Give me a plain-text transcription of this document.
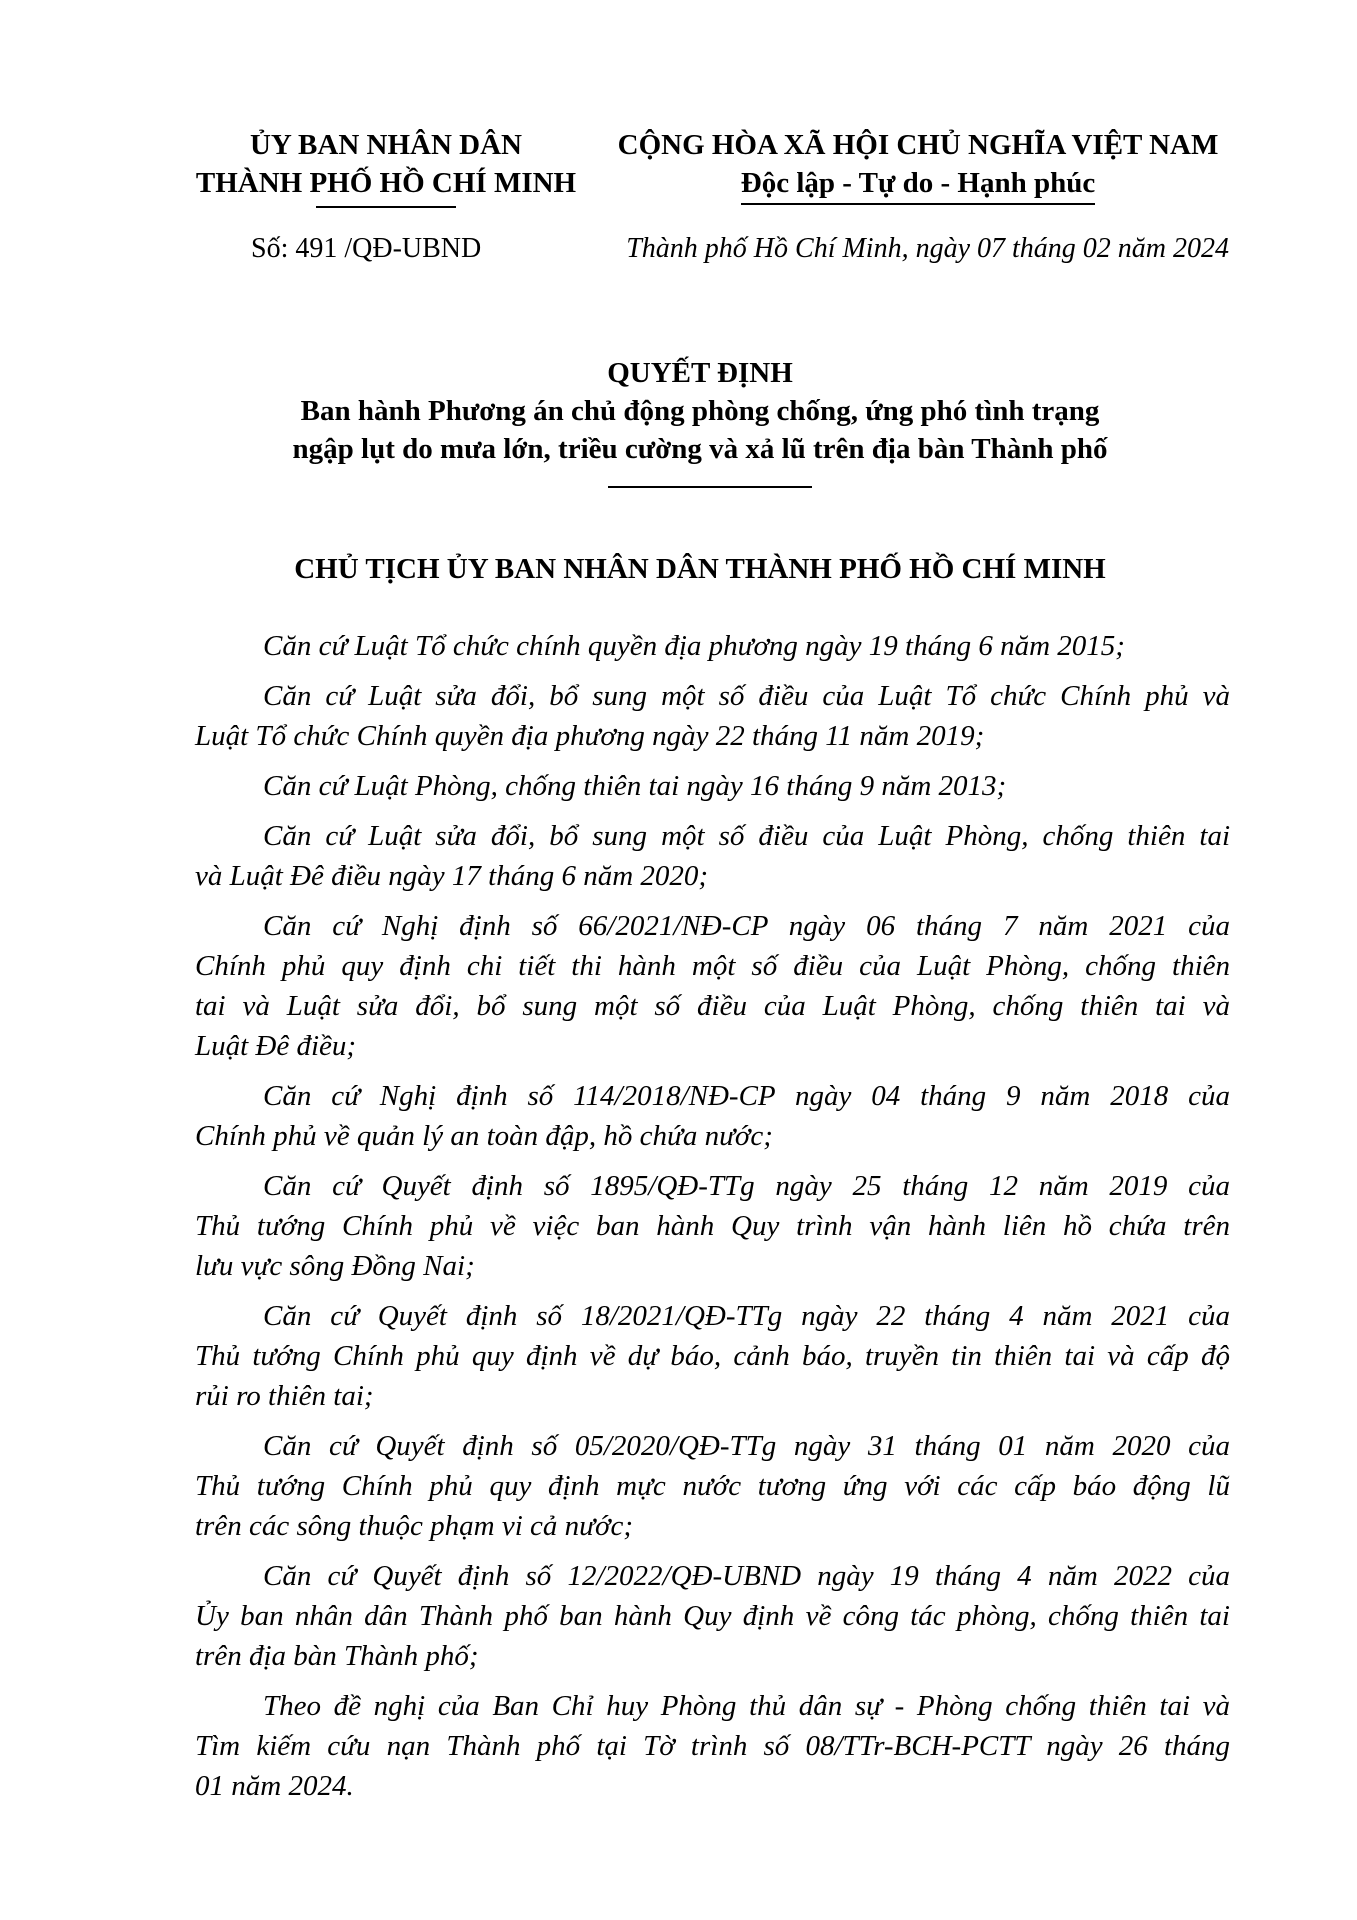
ỦY BAN NHÂN DÂN
THÀNH PHỐ HỒ CHÍ MINH
CỘNG HÒA XÃ HỘI CHỦ NGHĨA VIỆT NAM
Độc lập - Tự do - Hạnh phúc
Số: 491 /QĐ-UBND	Thành phố Hồ Chí Minh, ngày 07 tháng 02 năm 2024
QUYẾT ĐỊNH
Ban hành Phương án chủ động phòng chống, ứng phó tình trạng
ngập lụt do mưa lớn, triều cường và xả lũ trên địa bàn Thành phố
CHỦ TỊCH ỦY BAN NHÂN DÂN THÀNH PHỐ HỒ CHÍ MINH
Căn cứ Luật Tổ chức chính quyền địa phương ngày 19 tháng 6 năm 2015;
Căn cứ Luật sửa đổi, bổ sung một số điều của Luật Tổ chức Chính phủ và
Luật Tổ chức Chính quyền địa phương ngày 22 tháng 11 năm 2019;
Căn cứ Luật Phòng, chống thiên tai ngày 16 tháng 9 năm 2013;
Căn cứ Luật sửa đổi, bổ sung một số điều của Luật Phòng, chống thiên tai
và Luật Đê điều ngày 17 tháng 6 năm 2020;
Căn cứ Nghị định số 66/2021/NĐ-CP ngày 06 tháng 7 năm 2021 của
Chính phủ quy định chi tiết thi hành một số điều của Luật Phòng, chống thiên
tai và Luật sửa đổi, bổ sung một số điều của Luật Phòng, chống thiên tai và
Luật Đê điều;
Căn cứ Nghị định số 114/2018/NĐ-CP ngày 04 tháng 9 năm 2018 của
Chính phủ về quản lý an toàn đập, hồ chứa nước;
Căn cứ Quyết định số 1895/QĐ-TTg ngày 25 tháng 12 năm 2019 của
Thủ tướng Chính phủ về việc ban hành Quy trình vận hành liên hồ chứa trên
lưu vực sông Đồng Nai;
Căn cứ Quyết định số 18/2021/QĐ-TTg ngày 22 tháng 4 năm 2021 của
Thủ tướng Chính phủ quy định về dự báo, cảnh báo, truyền tin thiên tai và cấp độ
rủi ro thiên tai;
Căn cứ Quyết định số 05/2020/QĐ-TTg ngày 31 tháng 01 năm 2020 của
Thủ tướng Chính phủ quy định mực nước tương ứng với các cấp báo động lũ
trên các sông thuộc phạm vi cả nước;
Căn cứ Quyết định số 12/2022/QĐ-UBND ngày 19 tháng 4 năm 2022 của
Ủy ban nhân dân Thành phố ban hành Quy định về công tác phòng, chống thiên tai
trên địa bàn Thành phố;
Theo đề nghị của Ban Chỉ huy Phòng thủ dân sự - Phòng chống thiên tai và
Tìm kiếm cứu nạn Thành phố tại Tờ trình số 08/TTr-BCH-PCTT ngày 26 tháng
01 năm 2024.
